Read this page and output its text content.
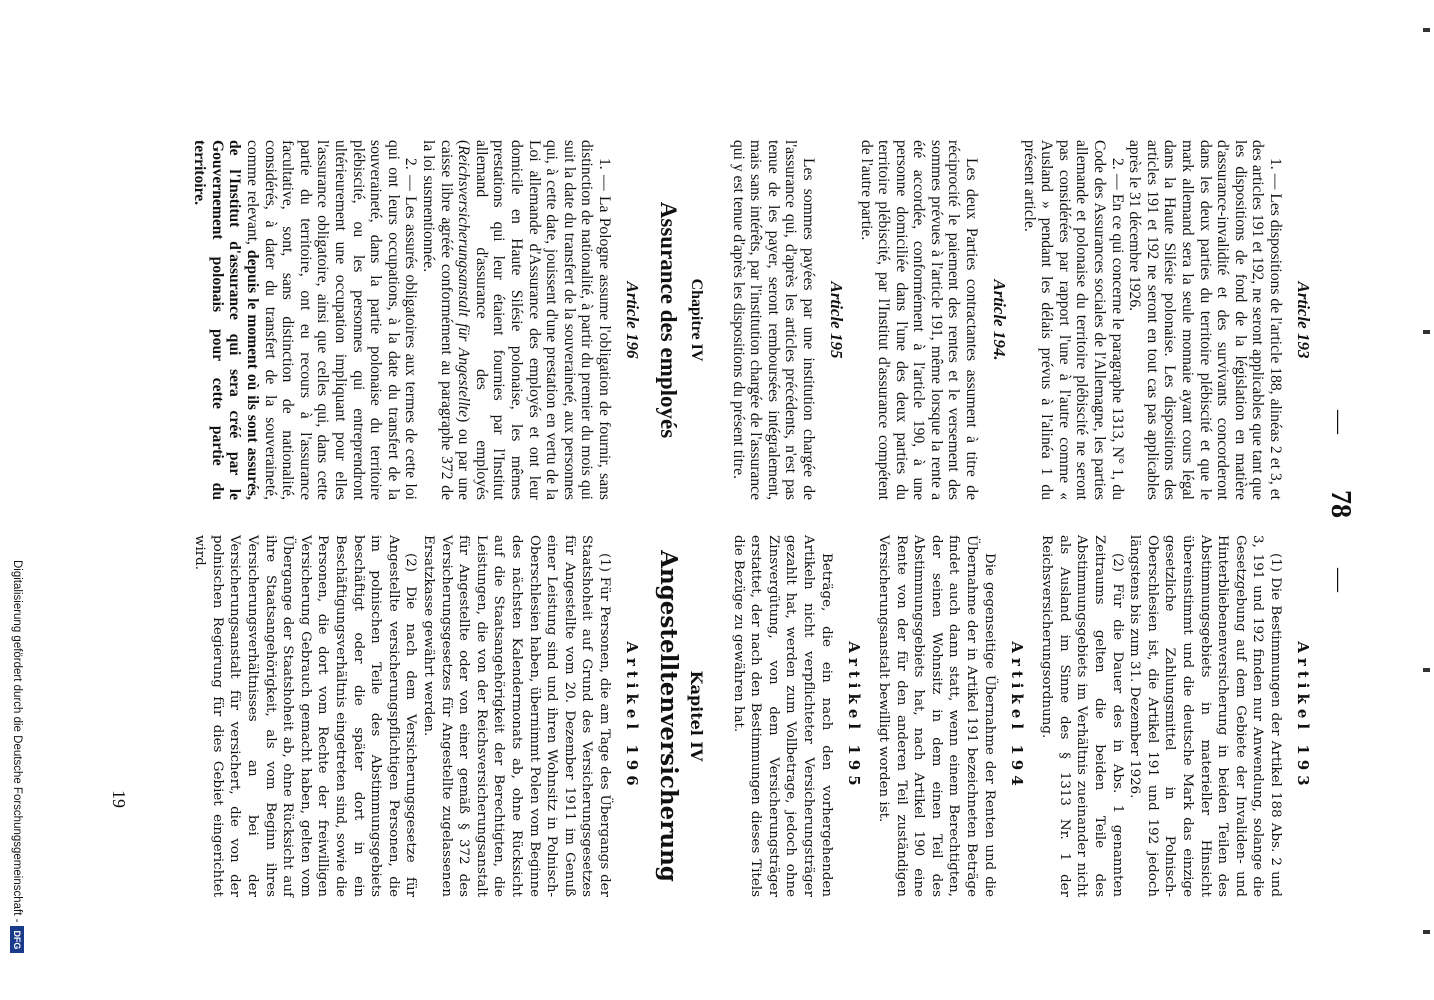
—
78
—
Article 193

1. — Les dispositions de l'article 188, alinéas 2 et 3, et des articles 191 et 192, ne seront applicables que tant que les dispositions de fond de la législation en matière d'assurance-invalidité et des survivants concorderont dans les deux parties du territoire plébiscité et que le mark allemand sera la seule monnaie ayant cours légal dans la Haute Silésie polonaise. Les dispositions des articles 191 et 192 ne seront en tout cas pas applicables après le 31 décembre 1926.

2. — En ce qui concerne le paragraphe 1313, N° 1, du Code des Assurances sociales de l'Allemagne, les parties allemande et polonaise du territoire plébiscité ne seront pas considérées par rapport l'une à l'autre comme « Ausland » pendant les délais prévus à l'alinéa 1 du présent article.

Article 194.

Les deux Parties contractantes assument à titre de réciprocité le paiement des rentes et le versement des sommes prévues à l'article 191, même lorsque la rente a été accordée, conformément à l'article 190, à une personne domiciliée dans l'une des deux parties du territoire plébiscité, par l'Institut d'assurance compétent de l'autre partie.

Article 195

Les sommes payées par une institution chargée de l'assurance qui, d'après les articles précédents, n'est pas tenue de les payer, seront remboursées intégralement, mais sans intérêts, par l'institution chargée de l'assurance qui y est tenue d'après les dispositions du présent titre.

Chapitre IV
Assurance des employés
Article 196

1. — La Pologne assume l'obligation de fournir, sans distinction de nationalité, à partir du premier du mois qui suit la date du transfert de la souveraineté, aux personnes qui, à cette date, jouissent d'une prestation en vertu de la Loi allemande d'Assurance des employés et ont leur domicile en Haute Silésie polonaise, les mêmes prestations qui leur étaient fournies par l'Institut allemand d'assurance des employés (Reichsversicherungsanstalt für Angestellte) ou par une caisse libre agréée conformément au paragraphe 372 de la loi susmentionnée.

2. — Les assurés obligatoires aux termes de cette loi qui ont leurs occupations, à la date du transfert de la souveraineté, dans la partie polonaise du territoire plébiscité, ou les personnes qui entreprendront ultérieurement une occupation impliquant pour elles l'assurance obligatoire, ainsi que celles qui, dans cette partie du territoire, ont eu recours à l'assurance facultative, sont, sans distinction de nationalité, considérés, à dater du transfert de la souveraineté, comme relevant, depuis le moment où ils sont assurés, de l'Institut d'assurance qui sera créé par le Gouvernement polonais pour cette partie du territoire.

Artikel 193

(1) Die Bestimmungen der Artikel 188 Abs. 2 und 3, 191 und 192 finden nur Anwendung, solange die Gesetzgebung auf dem Gebiete der Invaliden- und Hinterbliebenenversicherung in beiden Teilen des Abstimmungsgebiets in materieller Hinsicht übereinstimmt und die deutsche Mark das einzige gesetzliche Zahlungsmittel in Polnisch-Oberschlesien ist, die Artikel 191 und 192 jedoch längstens bis zum 31. Dezember 1926.

(2) Für die Dauer des in Abs. 1 genannten Zeitraums gelten die beiden Teile des Abstimmungsgebiets im Verhältnis zueinander nicht als Ausland im Sinne des § 1313 Nr. 1 der Reichsversicherungsordnung.

Artikel 194

Die gegenseitige Übernahme der Renten und die Übernahme der in Artikel 191 bezeichneten Beträge findet auch dann statt, wenn einem Berechtigten, der seinen Wohnsitz in dem einen Teil des Abstimmungsgebiets hat, nach Artikel 190 eine Rente von der für den anderen Teil zuständigen Versicherungsanstalt bewilligt worden ist.

Artikel 195

Beträge, die ein nach den vorhergehenden Artikeln nicht verpflichteter Versicherungsträger gezahlt hat, werden zum Vollbetrage, jedoch ohne Zinsvergütung, von dem Versicherungsträger erstattet, der nach den Bestimmungen dieses Titels die Bezüge zu gewähren hat.

Kapitel IV
Angestelltenversicherung
Artikel 196

(1) Für Personen, die am Tage des Übergangs der Staatshoheit auf Grund des Versicherungsgesetzes für Angestellte vom 20. Dezember 1911 im Genuß einer Leistung sind und ihren Wohnsitz in Polnisch-Oberschlesien haben, übernimmt Polen vom Beginne des nächsten Kalendermonats ab, ohne Rücksicht auf die Staatsangehörigkeit der Berechtigten, die Leistungen, die von der Reichsversicherungsanstalt für Angestellte oder von einer gemäß § 372 des Versicherungsgesetzes für Angestellte zugelassenen Ersatzkasse gewährt werden.

(2) Die nach dem Versicherungsgesetze für Angestellte versicherungspflichtigen Personen, die im polnischen Teile des Abstimmungsgebiets beschäftigt oder die später dort in ein Beschäftigungsverhältnis eingetreten sind, sowie die Personen, die dort vom Rechte der freiwilligen Versicherung Gebrauch gemacht haben, gelten vom Übergange der Staatshoheit ab, ohne Rücksicht auf ihre Staatsangehörigkeit, als vom Beginn ihres Versicherungsverhältnisses an bei der Versicherungsanstalt für versichert, die von der polnischen Regierung für dies Gebiet eingerichtet wird.

19
Digitalisierung gefördert durch die Deutsche Forschungsgemeinschaft -DFG
